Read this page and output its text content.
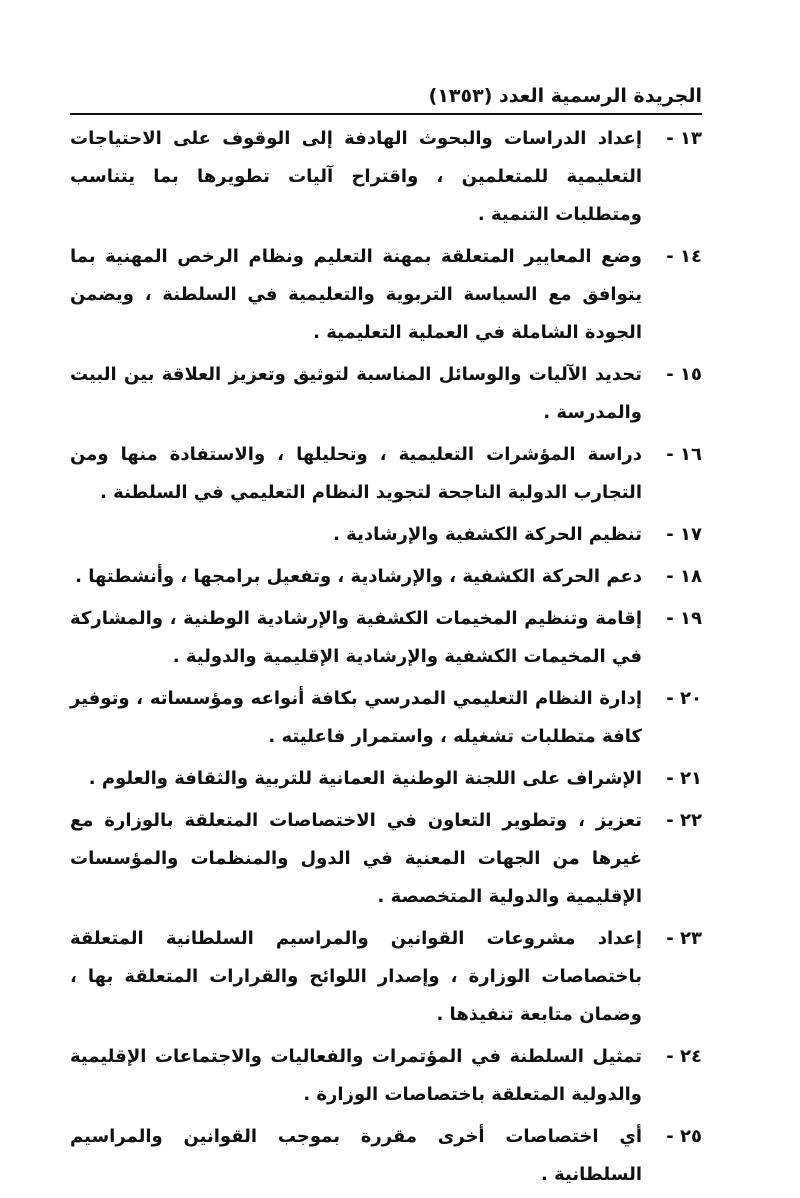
الجريدة الرسمية العدد (١٣٥٣)
١٣ -
إعداد الدراسات والبحوث الهادفة إلى الوقوف على الاحتياجات التعليمية للمتعلمين ، واقتراح آليات تطويرها بما يتناسب ومتطلبات التنمية .
١٤ -
وضع المعايير المتعلقة بمهنة التعليم ونظام الرخص المهنية بما يتوافق مع السياسة التربوية والتعليمية في السلطنة ، ويضمن الجودة الشاملة في العملية التعليمية .
١٥ -
تحديد الآليات والوسائل المناسبة لتوثيق وتعزيز العلاقة بين البيت والمدرسة .
١٦ -
دراسة المؤشرات التعليمية ، وتحليلها ، والاستفادة منها ومن التجارب الدولية الناجحة لتجويد النظام التعليمي في السلطنة .
١٧ -
تنظيم الحركة الكشفية والإرشادية .
١٨ -
دعم الحركة الكشفية ، والإرشادية ، وتفعيل برامجها ، وأنشطتها .
١٩ -
إقامة وتنظيم المخيمات الكشفية والإرشادية الوطنية ، والمشاركة في المخيمات الكشفية والإرشادية الإقليمية والدولية .
٢٠ -
إدارة النظام التعليمي المدرسي بكافة أنواعه ومؤسساته ، وتوفير كافة متطلبات تشغيله ، واستمرار فاعليته .
٢١ -
الإشراف على اللجنة الوطنية العمانية للتربية والثقافة والعلوم .
٢٢ -
تعزيز ، وتطوير التعاون في الاختصاصات المتعلقة بالوزارة مع غيرها من الجهات المعنية في الدول والمنظمات والمؤسسات الإقليمية والدولية المتخصصة .
٢٣ -
إعداد مشروعات القوانين والمراسيم السلطانية المتعلقة باختصاصات الوزارة ، وإصدار اللوائح والقرارات المتعلقة بها ، وضمان متابعة تنفيذها .
٢٤ -
تمثيل السلطنة في المؤتمرات والفعاليات والاجتماعات الإقليمية والدولية المتعلقة باختصاصات الوزارة .
٢٥ -
أي اختصاصات أخرى مقررة بموجب القوانين والمراسيم السلطانية .
